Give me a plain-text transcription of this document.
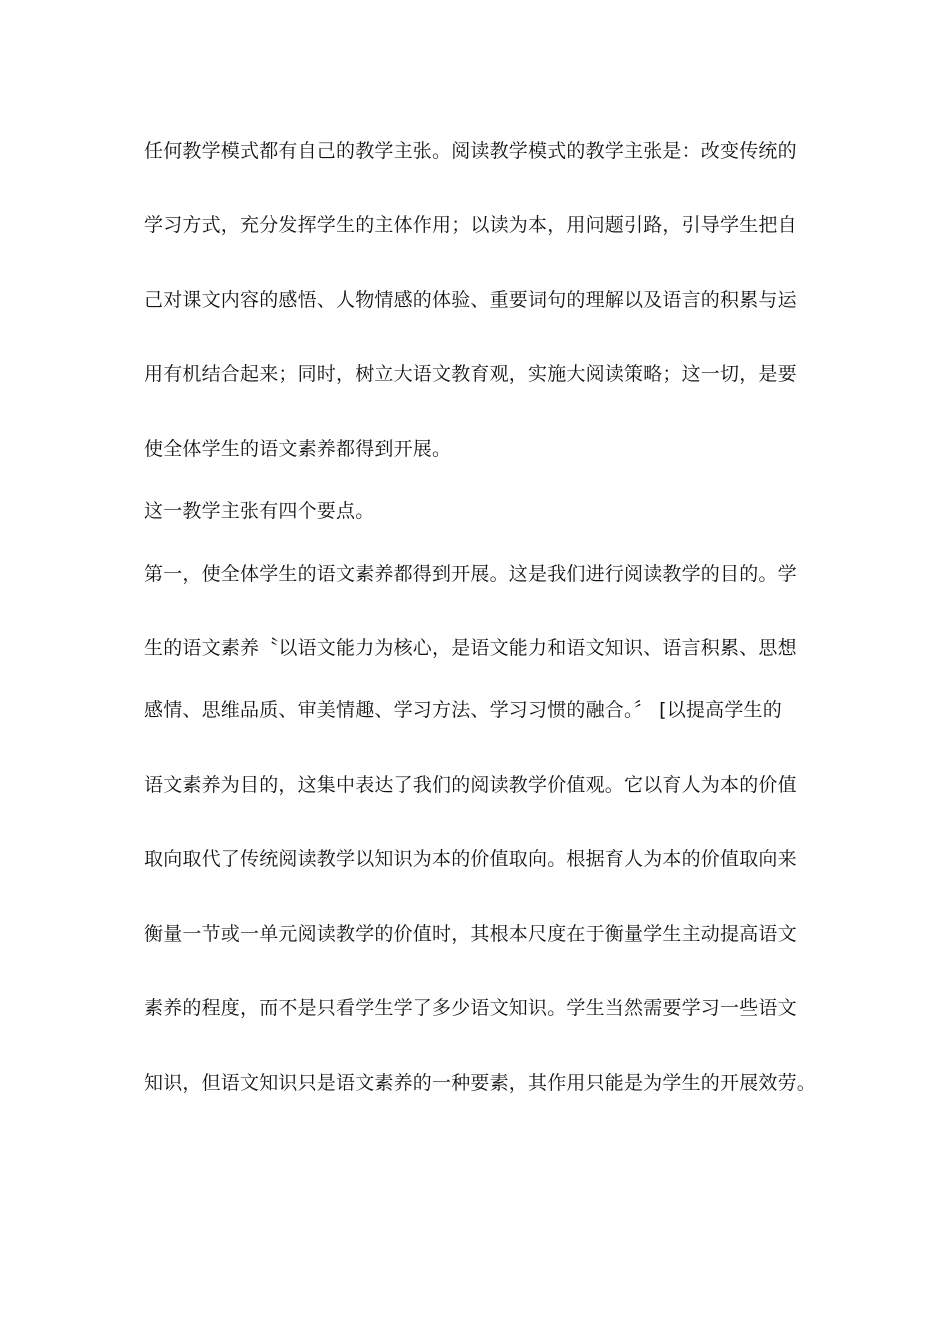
任何教学模式都有自己的教学主张。阅读教学模式的教学主张是：改变传统的
学习方式，充分发挥学生的主体作用；以读为本，用问题引路，引导学生把自
己对课文内容的感悟、人物情感的体验、重要词句的理解以及语言的积累与运
用有机结合起来；同时，树立大语文教育观，实施大阅读策略；这一切，是要
使全体学生的语文素养都得到开展。
这一教学主张有四个要点。
第一，使全体学生的语文素养都得到开展。这是我们进行阅读教学的目的。学
生的语文素养〝以语文能力为核心，是语文能力和语文知识、语言积累、思想
感情、思维品质、审美情趣、学习方法、学习习惯的融合。〞 [以提高学生的
语文素养为目的，这集中表达了我们的阅读教学价值观。它以育人为本的价值
取向取代了传统阅读教学以知识为本的价值取向。根据育人为本的价值取向来
衡量一节或一单元阅读教学的价值时，其根本尺度在于衡量学生主动提高语文
素养的程度，而不是只看学生学了多少语文知识。学生当然需要学习一些语文
知识，但语文知识只是语文素养的一种要素，其作用只能是为学生的开展效劳。
